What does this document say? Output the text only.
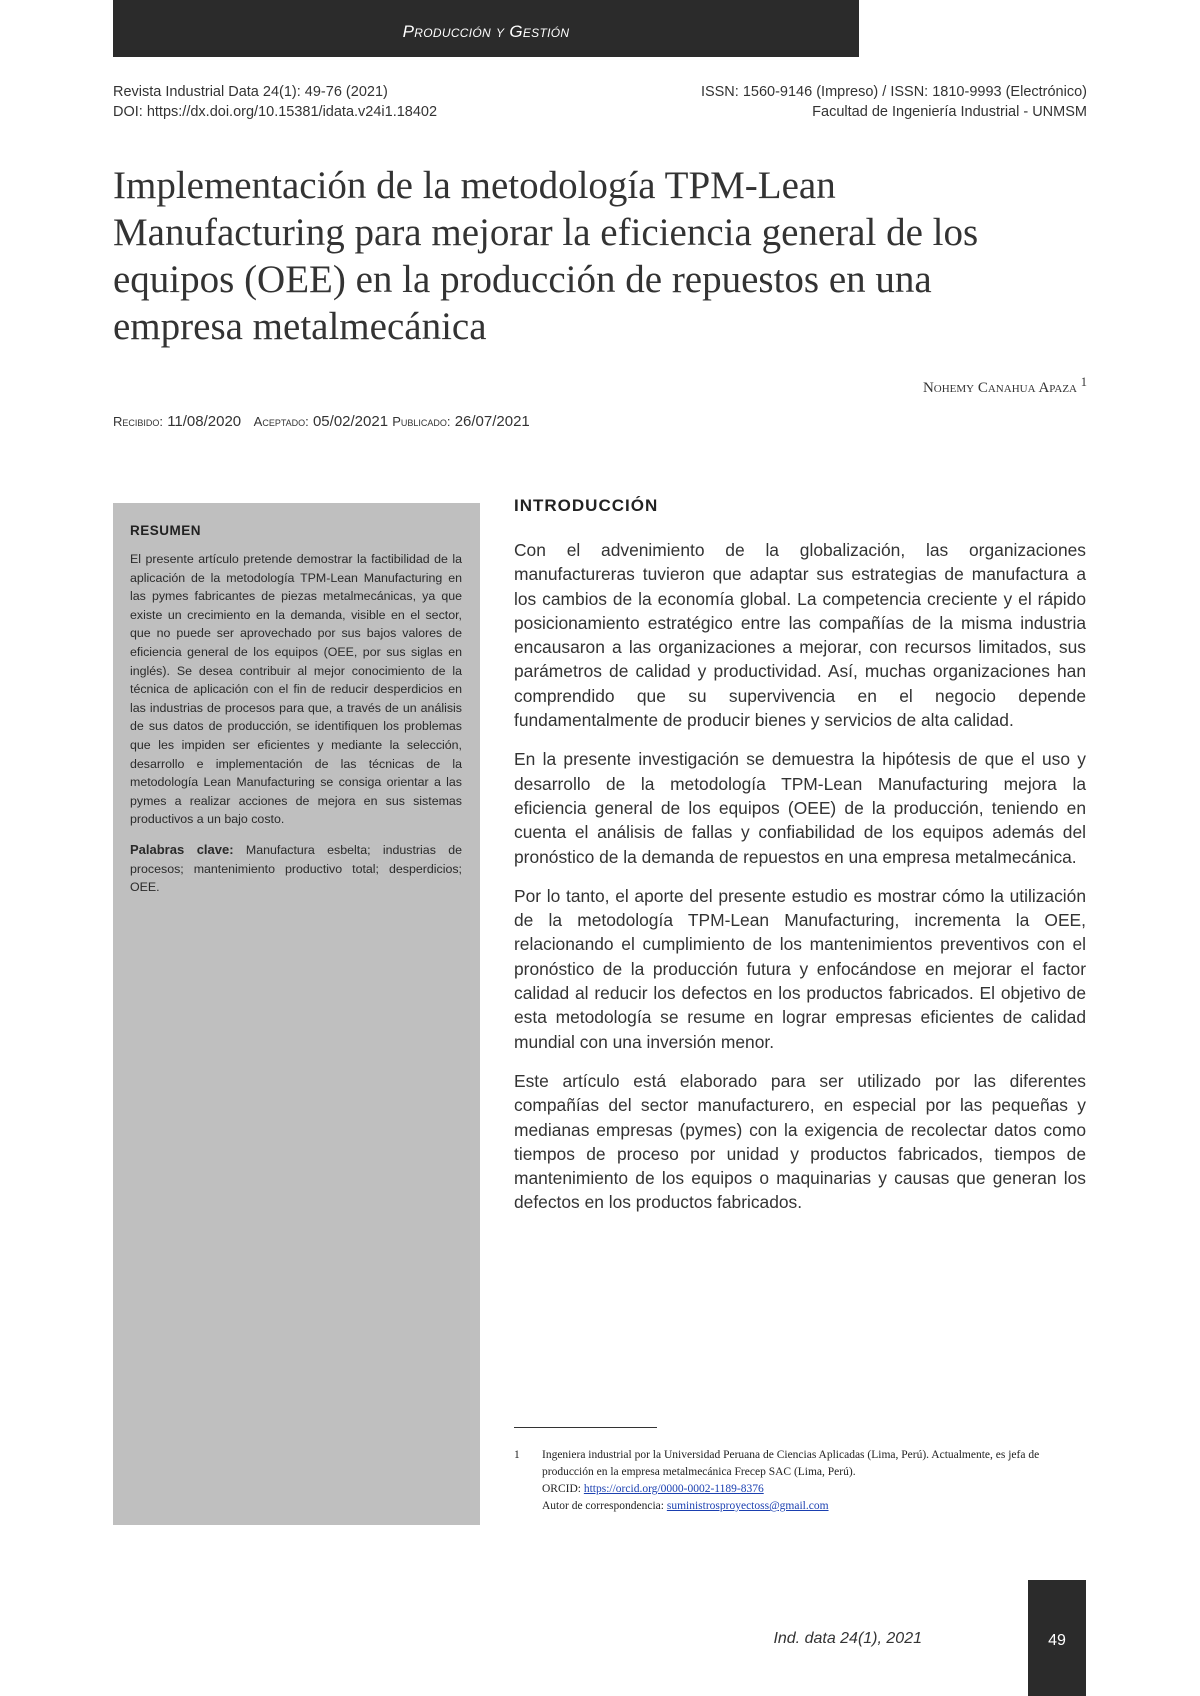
Producción y Gestión
Revista Industrial Data 24(1): 49-76 (2021)
DOI: https://dx.doi.org/10.15381/idata.v24i1.18402
ISSN: 1560-9146 (Impreso) / ISSN: 1810-9993 (Electrónico)
Facultad de Ingeniería Industrial - UNMSM
Implementación de la metodología TPM-Lean Manufacturing para mejorar la eficiencia general de los equipos (OEE) en la producción de repuestos en una empresa metalmecánica
Nohemy Canahua Apaza $^1$
Recibido: 11/08/2020 Aceptado: 05/02/2021 Publicado: 26/07/2021
RESUMEN

El presente artículo pretende demostrar la factibilidad de la aplicación de la metodología TPM-Lean Manufacturing en las pymes fabricantes de piezas metalmecánicas, ya que existe un crecimiento en la demanda, visible en el sector, que no puede ser aprovechado por sus bajos valores de eficiencia general de los equipos (OEE, por sus siglas en inglés). Se desea contribuir al mejor conocimiento de la técnica de aplicación con el fin de reducir desperdicios en las industrias de procesos para que, a través de un análisis de sus datos de producción, se identifiquen los problemas que les impiden ser eficientes y mediante la selección, desarrollo e implementación de las técnicas de la metodología Lean Manufacturing se consiga orientar a las pymes a realizar acciones de mejora en sus sistemas productivos a un bajo costo.

Palabras clave: Manufactura esbelta; industrias de procesos; mantenimiento productivo total; desperdicios; OEE.

INTRODUCCIÓN

Con el advenimiento de la globalización, las organizaciones manufactureras tuvieron que adaptar sus estrategias de manufactura a los cambios de la economía global. La competencia creciente y el rápido posicionamiento estratégico entre las compañías de la misma industria encausaron a las organizaciones a mejorar, con recursos limitados, sus parámetros de calidad y productividad. Así, muchas organizaciones han comprendido que su supervivencia en el negocio depende fundamentalmente de producir bienes y servicios de alta calidad.

En la presente investigación se demuestra la hipótesis de que el uso y desarrollo de la metodología TPM-Lean Manufacturing mejora la eficiencia general de los equipos (OEE) de la producción, teniendo en cuenta el análisis de fallas y confiabilidad de los equipos además del pronóstico de la demanda de repuestos en una empresa metalmecánica.

Por lo tanto, el aporte del presente estudio es mostrar cómo la utilización de la metodología TPM-Lean Manufacturing, incrementa la OEE, relacionando el cumplimiento de los mantenimientos preventivos con el pronóstico de la producción futura y enfocándose en mejorar el factor calidad al reducir los defectos en los productos fabricados. El objetivo de esta metodología se resume en lograr empresas eficientes de calidad mundial con una inversión menor.

Este artículo está elaborado para ser utilizado por las diferentes compañías del sector manufacturero, en especial por las pequeñas y medianas empresas (pymes) con la exigencia de recolectar datos como tiempos de proceso por unidad y productos fabricados, tiempos de mantenimiento de los equipos o maquinarias y causas que generan los defectos en los productos fabricados.

1 Ingeniera industrial por la Universidad Peruana de Ciencias Aplicadas (Lima, Perú). Actualmente, es jefa de producción en la empresa metalmecánica Frecep SAC (Lima, Perú).
ORCID: https://orcid.org/0000-0002-1189-8376
Autor de correspondencia: suministrosproyectoss@gmail.com
Ind. data 24(1), 2021	49
